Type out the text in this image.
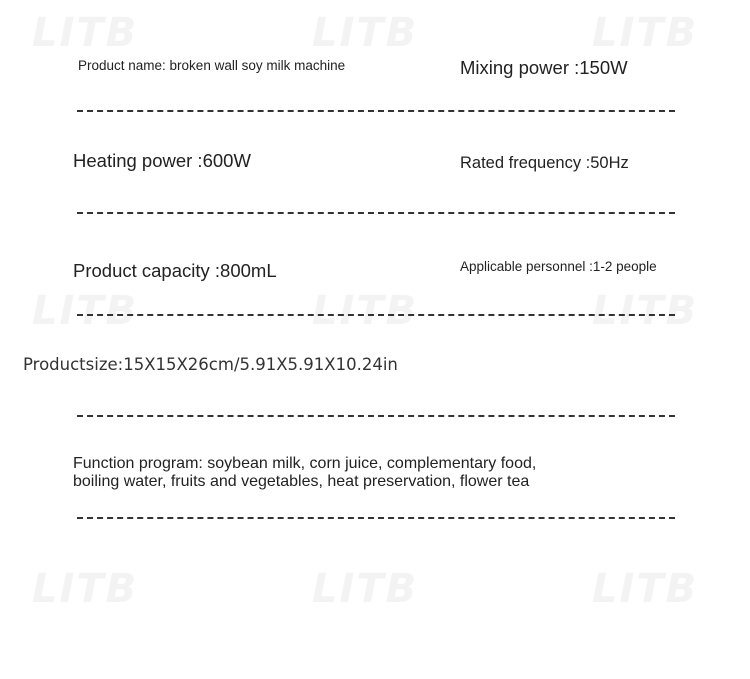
LITB	LITB	LITB
LITB	LITB	LITB
LITB	LITB	LITB
Product name: broken wall soy milk machine	Mixing power :150W
Heating power :600W	Rated frequency :50Hz
Product capacity :800mL	Applicable personnel :1-2 people
Productsize:15X15X26cm/5.91X5.91X10.24in
Function program: soybean milk, corn juice, complementary food,
boiling water, fruits and vegetables, heat preservation, flower tea
